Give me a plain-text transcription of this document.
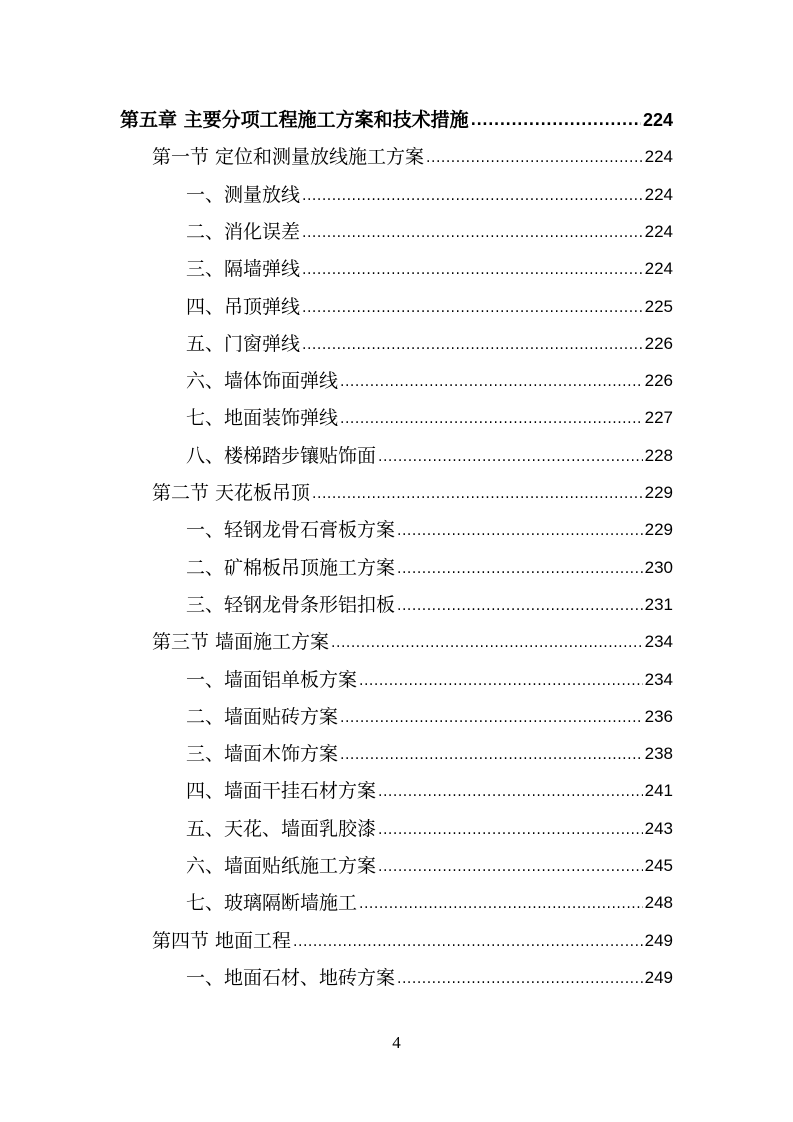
第五章 主要分项工程施工方案和技术措施 .....	224
第一节 定位和测量放线施工方案 .....	224
一、测量放线 .....	224
二、消化误差 .....	224
三、隔墙弹线 .....	224
四、吊顶弹线 .....	225
五、门窗弹线 .....	226
六、墙体饰面弹线 .....	226
七、地面装饰弹线 .....	227
八、楼梯踏步镶贴饰面 .....	228
第二节 天花板吊顶 .....	229
一、轻钢龙骨石膏板方案 .....	229
二、矿棉板吊顶施工方案 .....	230
三、轻钢龙骨条形铝扣板 .....	231
第三节 墙面施工方案 .....	234
一、墙面铝单板方案 .....	234
二、墙面贴砖方案 .....	236
三、墙面木饰方案 .....	238
四、墙面干挂石材方案 .....	241
五、天花、墙面乳胶漆 .....	243
六、墙面贴纸施工方案 .....	245
七、玻璃隔断墙施工 .....	248
第四节 地面工程 .....	249
一、地面石材、地砖方案 .....	249
4
